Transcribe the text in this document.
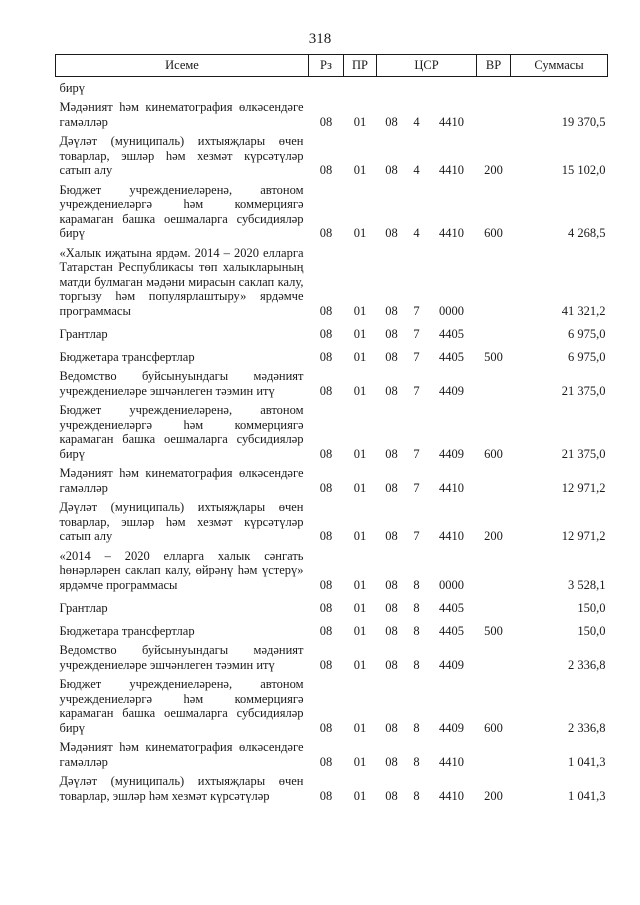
318
Исеме	Рз	ПР	ЦСР			ВР	Суммасы
бирү							
Мәдәният һәм кинематография өлкәсендәге гамәлләр	08	01	08	4	4410		19 370,5
Дәүләт (муниципаль) ихтыяҗлары өчен товарлар, эшләр һәм хезмәт күрсәтүләр сатып алу	08	01	08	4	4410	200	15 102,0
Бюджет учреждениеләренә, автоном учреждениеләргә һәм коммерциягә карамаган башка оешмаларга субсидияләр бирү	08	01	08	4	4410	600	4 268,5
«Халык иҗатына ярдәм. 2014 – 2020 елларга Татарстан Республикасы төп халыкларының матди булмаган мәдәни мирасын саклап калу, торгызу һәм популярлаштыру» ярдәмче программасы	08	01	08	7	0000		41 321,2
Грантлар	08	01	08	7	4405		6 975,0
Бюджетара трансфертлар	08	01	08	7	4405	500	6 975,0
Ведомство буйсынуындагы мәдәният учреждениеләре эшчәнлеген тәэмин итү	08	01	08	7	4409		21 375,0
Бюджет учреждениеләренә, автоном учреждениеләргә һәм коммерциягә карамаган башка оешмаларга субсидияләр бирү	08	01	08	7	4409	600	21 375,0
Мәдәният һәм кинематография өлкәсендәге гамәлләр	08	01	08	7	4410		12 971,2
Дәүләт (муниципаль) ихтыяҗлары өчен товарлар, эшләр һәм хезмәт күрсәтүләр сатып алу	08	01	08	7	4410	200	12 971,2
«2014 – 2020 елларга халык сәнгать һөнәрләрен саклап калу, өйрәнү һәм үстерү» ярдәмче программасы	08	01	08	8	0000		3 528,1
Грантлар	08	01	08	8	4405		150,0
Бюджетара трансфертлар	08	01	08	8	4405	500	150,0
Ведомство буйсынуындагы мәдәният учреждениеләре эшчәнлеген тәэмин итү	08	01	08	8	4409		2 336,8
Бюджет учреждениеләренә, автоном учреждениеләргә һәм коммерциягә карамаган башка оешмаларга субсидияләр бирү	08	01	08	8	4409	600	2 336,8
Мәдәният һәм кинематография өлкәсендәге гамәлләр	08	01	08	8	4410		1 041,3
Дәүләт (муниципаль) ихтыяҗлары өчен товарлар, эшләр һәм хезмәт күрсәтүләр	08	01	08	8	4410	200	1 041,3
